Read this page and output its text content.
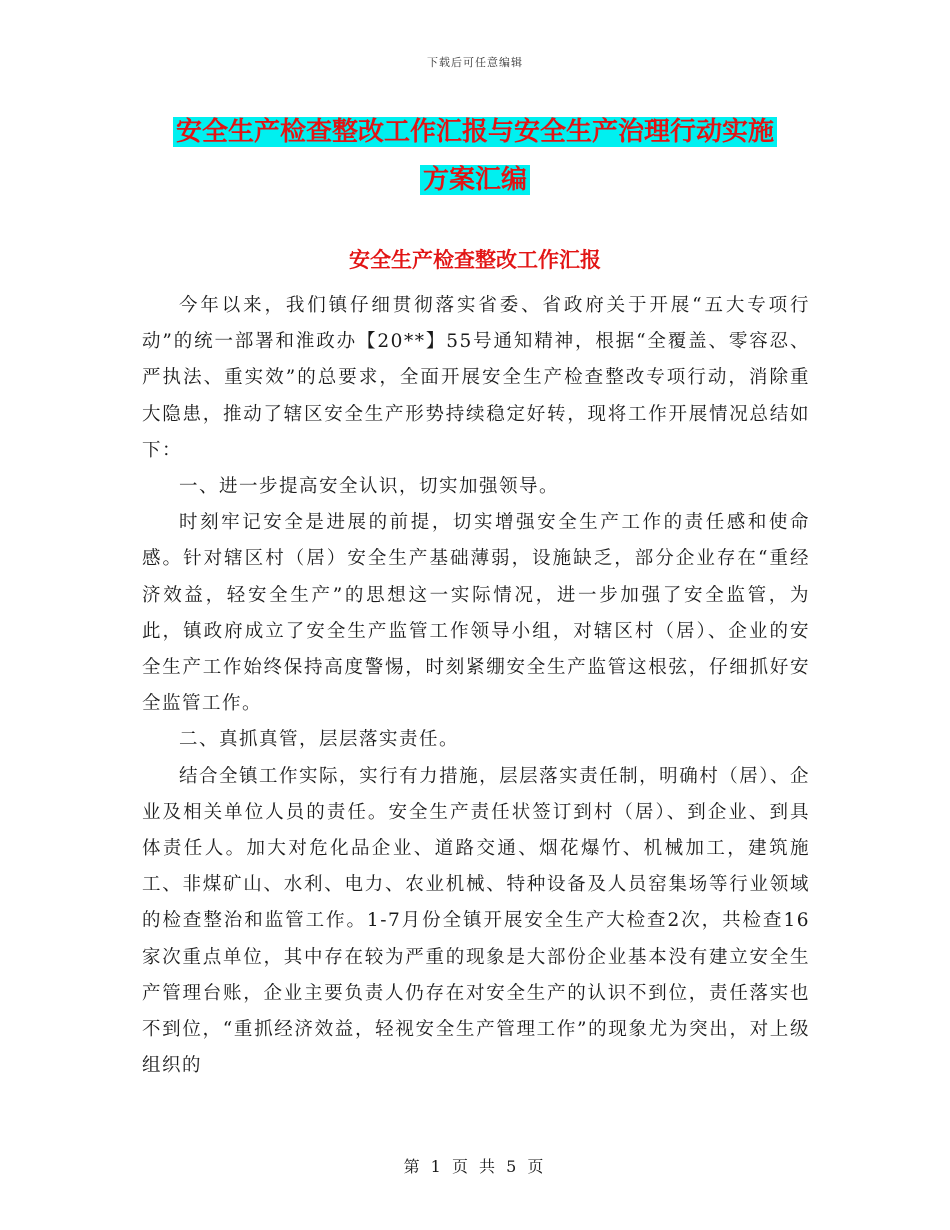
下载后可任意编辑
安全生产检查整改工作汇报与安全生产治理行动实施
方案汇编
安全生产检查整改工作汇报

今年以来，我们镇仔细贯彻落实省委、省政府关于开展“五大专项行动”的统一部署和淮政办【20**】55号通知精神，根据“全覆盖、零容忍、严执法、重实效”的总要求，全面开展安全生产检查整改专项行动，消除重大隐患，推动了辖区安全生产形势持续稳定好转，现将工作开展情况总结如下：

一、进一步提高安全认识，切实加强领导。

时刻牢记安全是进展的前提，切实增强安全生产工作的责任感和使命感。针对辖区村（居）安全生产基础薄弱，设施缺乏，部分企业存在“重经济效益，轻安全生产”的思想这一实际情况，进一步加强了安全监管，为此，镇政府成立了安全生产监管工作领导小组，对辖区村（居）、企业的安全生产工作始终保持高度警惕，时刻紧绷安全生产监管这根弦，仔细抓好安全监管工作。

二、真抓真管，层层落实责任。

结合全镇工作实际，实行有力措施，层层落实责任制，明确村（居）、企业及相关单位人员的责任。安全生产责任状签订到村（居）、到企业、到具体责任人。加大对危化品企业、道路交通、烟花爆竹、机械加工，建筑施工、非煤矿山、水利、电力、农业机械、特种设备及人员窑集场等行业领域的检查整治和监管工作。1-7月份全镇开展安全生产大检查2次，共检查16家次重点单位，其中存在较为严重的现象是大部份企业基本没有建立安全生产管理台账，企业主要负责人仍存在对安全生产的认识不到位，责任落实也不到位，“重抓经济效益，轻视安全生产管理工作”的现象尤为突出，对上级组织的

第 1 页 共 5 页
